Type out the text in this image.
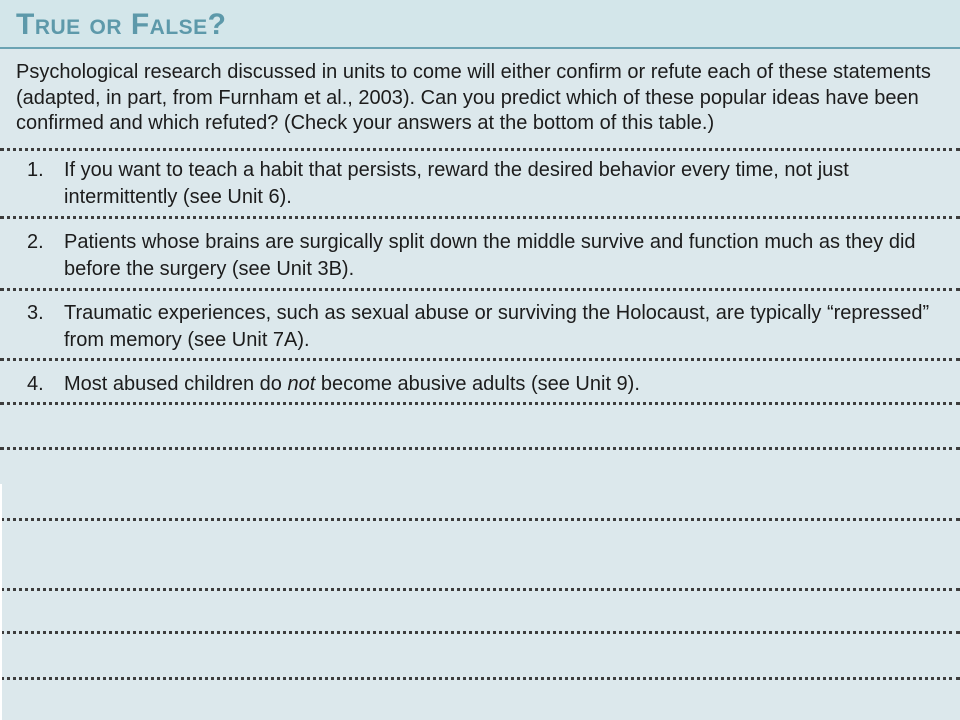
True or False?

Psychological research discussed in units to come will either confirm or refute each of these statements (adapted, in part, from Furnham et al., 2003). Can you predict which of these popular ideas have been confirmed and which refuted? (Check your answers at the bottom of this table.)

1. If you want to teach a habit that persists, reward the desired behavior every time, not just intermittently (see Unit 6).
2. Patients whose brains are surgically split down the middle survive and function much as they did before the surgery (see Unit 3B).
3. Traumatic experiences, such as sexual abuse or surviving the Holocaust, are typically “repressed” from memory (see Unit 7A).
4. Most abused children do not become abusive adults (see Unit 9).
